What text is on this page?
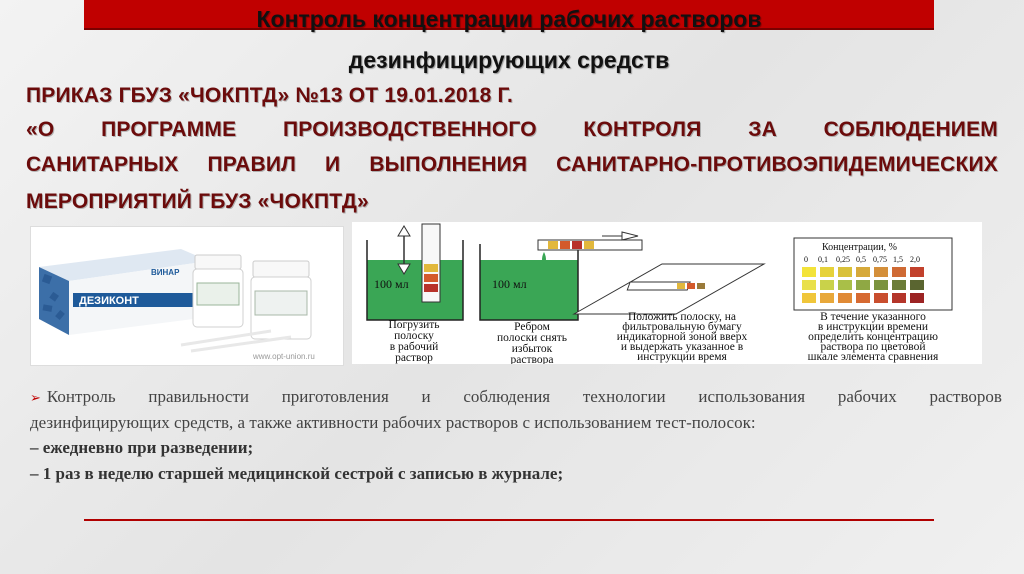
Контроль концентрации рабочих растворов
дезинфицирующих средств
ПРИКАЗ ГБУЗ «ЧОКПТД» №13 ОТ 19.01.2018 Г.
«О ПРОГРАММЕ ПРОИЗВОДСТВЕННОГО КОНТРОЛЯ ЗА СОБЛЮДЕНИЕМ
САНИТАРНЫХ ПРАВИЛ И ВЫПОЛНЕНИЯ САНИТАРНО-ПРОТИВОЭПИДЕМИЧЕСКИХ
МЕРОПРИЯТИЙ ГБУЗ «ЧОКПТД»
ДЕЗИКОНТ
ВИНАР
www.opt-union.ru
100 мл	100 мл
Концентрации, %
0 0,1 0,25 0,5 0,75 1,5 2,0
Погрузить
полоску
в рабочий
раствор
Ребром
полоски снять
избыток
раствора
Положить полоску, на
фильтровальную бумагу
индикаторной зоной вверх
и выдержать указанное в
инструкции время
В течение указанного
в инструкции времени
определить концентрацию
раствора по цветовой
шкале элемента сравнения
➢ Контроль правильности приготовления и соблюдения технологии использования рабочих растворов
дезинфицирующих средств, а также активности рабочих растворов с использованием тест-полосок:
– ежедневно при разведении;
– 1 раз в неделю старшей медицинской сестрой с записью в журнале;
